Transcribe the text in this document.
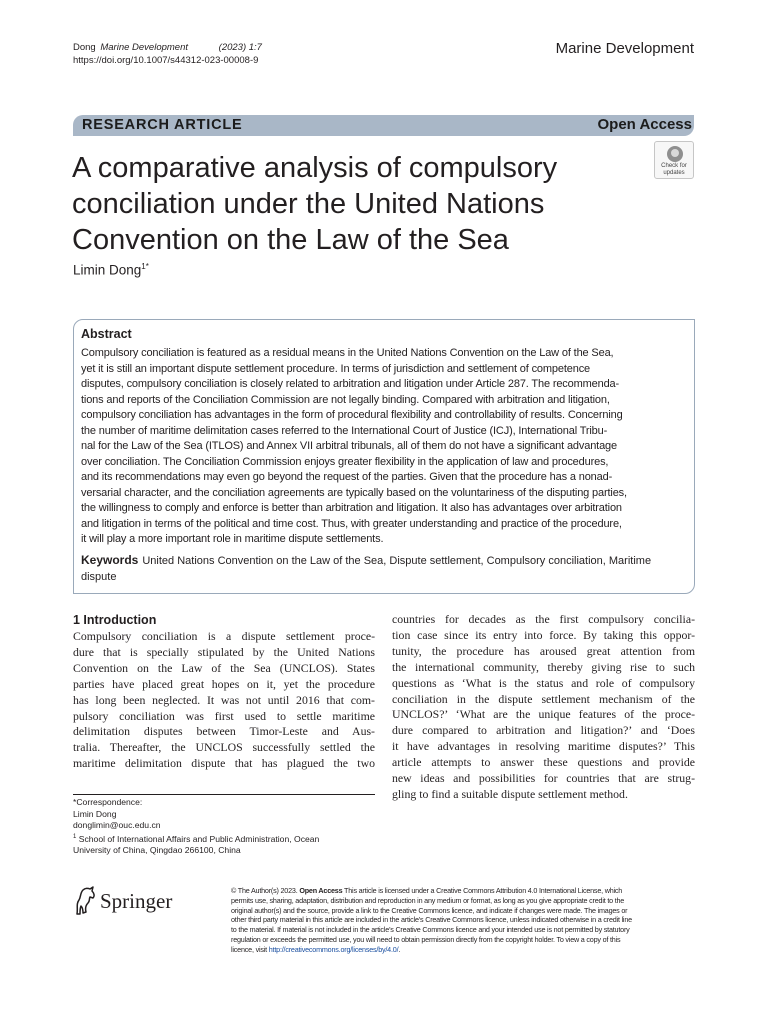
Dong Marine Development	(2023) 1:7
https://doi.org/10.1007/s44312-023-00008-9
Marine Development
RESEARCH ARTICLE	Open Access
A comparative analysis of compulsory conciliation under the United Nations Convention on the Law of the Sea
Check for
updates
Limin Dong$^{1*}$
Abstract
Compulsory conciliation is featured as a residual means in the United Nations Convention on the Law of the Sea,
yet it is still an important dispute settlement procedure. In terms of jurisdiction and settlement of competence
disputes, compulsory conciliation is closely related to arbitration and litigation under Article 287. The recommenda-
tions and reports of the Conciliation Commission are not legally binding. Compared with arbitration and litigation,
compulsory conciliation has advantages in the form of procedural flexibility and controllability of results. Concerning
the number of maritime delimitation cases referred to the International Court of Justice (ICJ), International Tribu-
nal for the Law of the Sea (ITLOS) and Annex VII arbitral tribunals, all of them do not have a significant advantage
over conciliation. The Conciliation Commission enjoys greater flexibility in the application of law and procedures,
and its recommendations may even go beyond the request of the parties. Given that the procedure has a nonad-
versarial character, and the conciliation agreements are typically based on the voluntariness of the disputing parties,
the willingness to comply and enforce is better than arbitration and litigation. It also has advantages over arbitration
and litigation in terms of the political and time cost. Thus, with greater understanding and practice of the procedure,
it will play a more important role in maritime dispute settlements.
Keywords United Nations Convention on the Law of the Sea, Dispute settlement, Compulsory conciliation, Maritime
dispute
1 Introduction
Compulsory conciliation is a dispute settlement proce-
dure that is specially stipulated by the United Nations
Convention on the Law of the Sea (UNCLOS). States
parties have placed great hopes on it, yet the procedure
has long been neglected. It was not until 2016 that com-
pulsory conciliation was first used to settle maritime
delimitation disputes between Timor-Leste and Aus-
tralia. Thereafter, the UNCLOS successfully settled the
maritime delimitation dispute that has plagued the two
countries for decades as the first compulsory concilia-
tion case since its entry into force. By taking this oppor-
tunity, the procedure has aroused great attention from
the international community, thereby giving rise to such
questions as ‘What is the status and role of compulsory
conciliation in the dispute settlement mechanism of the
UNCLOS?’ ‘What are the unique features of the proce-
dure compared to arbitration and litigation?’ and ‘Does
it have advantages in resolving maritime disputes?’ This
article attempts to answer these questions and provide
new ideas and possibilities for countries that are strug-
gling to find a suitable dispute settlement method.
*Correspondence:
Limin Dong
donglimin@ouc.edu.cn
$^1$ School of International Affairs and Public Administration, Ocean
University of China, Qingdao 266100, China
Springer	© The Author(s) 2023. Open Access This article is licensed under a Creative Commons Attribution 4.0 International License, which
permits use, sharing, adaptation, distribution and reproduction in any medium or format, as long as you give appropriate credit to the
original author(s) and the source, provide a link to the Creative Commons licence, and indicate if changes were made. The images or
other third party material in this article are included in the article’s Creative Commons licence, unless indicated otherwise in a credit line
to the material. If material is not included in the article’s Creative Commons licence and your intended use is not permitted by statutory
regulation or exceeds the permitted use, you will need to obtain permission directly from the copyright holder. To view a copy of this
licence, visit http://creativecommons.org/licenses/by/4.0/.
